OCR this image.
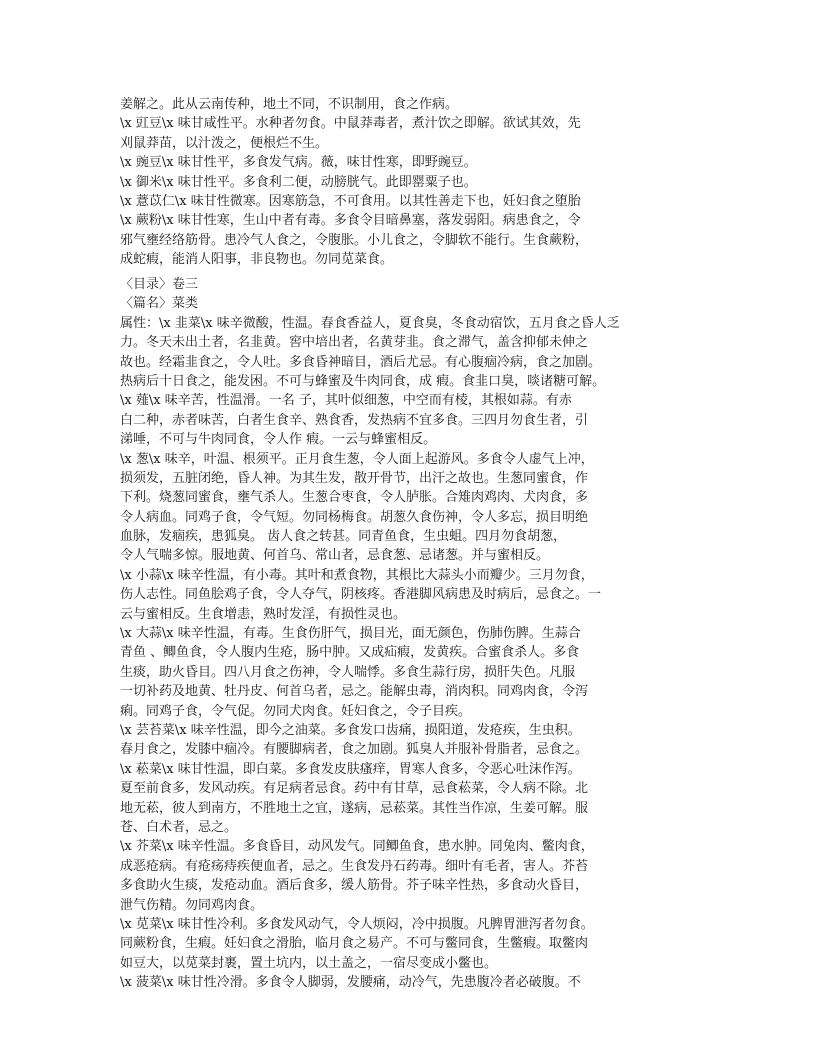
姜解之。此从云南传种，地土不同，不识制用，食之作病。
\x 豇豆\x 味甘咸性平。水种者勿食。中鼠莽毒者，煮汁饮之即解。欲试其效，先
刈鼠莽苗，以汁泼之，便根烂不生。
\x 豌豆\x 味甘性平，多食发气病。薇，味甘性寒，即野豌豆。
\x 御米\x 味甘性平。多食利二便，动膀胱气。此即罂粟子也。
\x 薏苡仁\x 味甘性微寒。因寒筋急，不可食用。以其性善走下也，妊妇食之堕胎
\x 蕨粉\x 味甘性寒，生山中者有毒。多食令目暗鼻塞，落发弱阳。病患食之，令
邪气壅经络筋骨。患冷气人食之，令腹胀。小儿食之，令脚软不能行。生食蕨粉，
成蛇瘕，能消人阳事，非良物也。勿同苋菜食。
〈目录〉卷三
〈篇名〉菜类
属性：\x 韭菜\x 味辛微酸，性温。春食香益人，夏食臭，冬食动宿饮，五月食之昏人乏
力。冬天未出土者，名韭黄。窖中培出者，名黄芽韭。食之滞气，盖含抑郁未伸之
故也。经霜韭食之，令人吐。多食昏神暗目，酒后尤忌。有心腹痼冷病，食之加剧。
热病后十日食之，能发困。不可与蜂蜜及牛肉同食，成 瘕。食韭口臭，啖诸糖可解。
\x 薤\x 味辛苦，性温滑。一名 子，其叶似细葱，中空而有棱，其根如蒜。有赤
白二种，赤者味苦，白者生食辛、熟食香，发热病不宜多食。三四月勿食生者，引
涕唾，不可与牛肉同食，令人作 瘕。一云与蜂蜜相反。
\x 葱\x 味辛，叶温、根须平。正月食生葱，令人面上起游风。多食令人虚气上冲，
损须发，五脏闭绝，昏人神。为其生发，散开骨节，出汗之故也。生葱同蜜食，作
下利。烧葱同蜜食，壅气杀人。生葱合枣食，令人胪胀。合雉肉鸡肉、犬肉食，多
令人病血。同鸡子食，令气短。勿同杨梅食。胡葱久食伤神，令人多忘，损目明绝
血脉，发痼疾，患狐臭。 齿人食之转甚。同青鱼食，生虫蛆。四月勿食胡葱，
令人气喘多惊。服地黄、何首乌、常山者，忌食葱、忌诸葱。并与蜜相反。
\x 小蒜\x 味辛性温，有小毒。其叶和煮食物，其根比大蒜头小而瓣少。三月勿食，
伤人志性。同鱼脍鸡子食，令人夺气，阴核疼。香港脚风病患及时病后，忌食之。一
云与蜜相反。生食增恚，熟时发淫，有损性灵也。
\x 大蒜\x 味辛性温，有毒。生食伤肝气，损目光，面无颜色，伤肺伤脾。生蒜合
青鱼 、鲫鱼食，令人腹内生疮，肠中肿。又成疝瘕，发黄疾。合蜜食杀人。多食
生痰，助火昏目。四八月食之伤神，令人喘悸。多食生蒜行房，损肝失色。凡服
一切补药及地黄、牡丹皮、何首乌者，忌之。能解虫毒，消肉积。同鸡肉食，令泻
痢。同鸡子食，令气促。勿同犬肉食。妊妇食之，令子目疾。
\x 芸苔菜\x 味辛性温，即今之油菜。多食发口齿痛，损阳道，发疮疾，生虫积。
春月食之，发膝中痼冷。有腰脚病者，食之加剧。狐臭人并服补骨脂者，忌食之。
\x 菘菜\x 味甘性温，即白菜。多食发皮肤瘙痒，胃寒人食多，令恶心吐沫作泻。
夏至前食多，发风动疾。有足病者忌食。药中有甘草，忌食菘菜，令人病不除。北
地无菘，彼人到南方，不胜地土之宜，遂病，忌菘菜。其性当作凉，生姜可解。服
苍、白术者，忌之。
\x 芥菜\x 味辛性温。多食昏目，动风发气。同鲫鱼食，患水肿。同兔肉、鳖肉食，
成恶疮病。有疮疡痔疾便血者，忌之。生食发丹石药毒。细叶有毛者，害人。芥苔
多食助火生痰，发疮动血。酒后食多，缓人筋骨。芥子味辛性热，多食动火昏目，
泄气伤精。勿同鸡肉食。
\x 苋菜\x 味甘性冷利。多食发风动气，令人烦闷，冷中损腹。凡脾胃泄泻者勿食。
同蕨粉食，生瘕。妊妇食之滑胎，临月食之易产。不可与鳖同食，生鳖瘕。取鳖肉
如豆大，以苋菜封裹，置土坑内，以土盖之，一宿尽变成小鳖也。
\x 菠菜\x 味甘性冷滑。多食令人脚弱，发腰痛，动冷气，先患腹冷者必破腹。不
